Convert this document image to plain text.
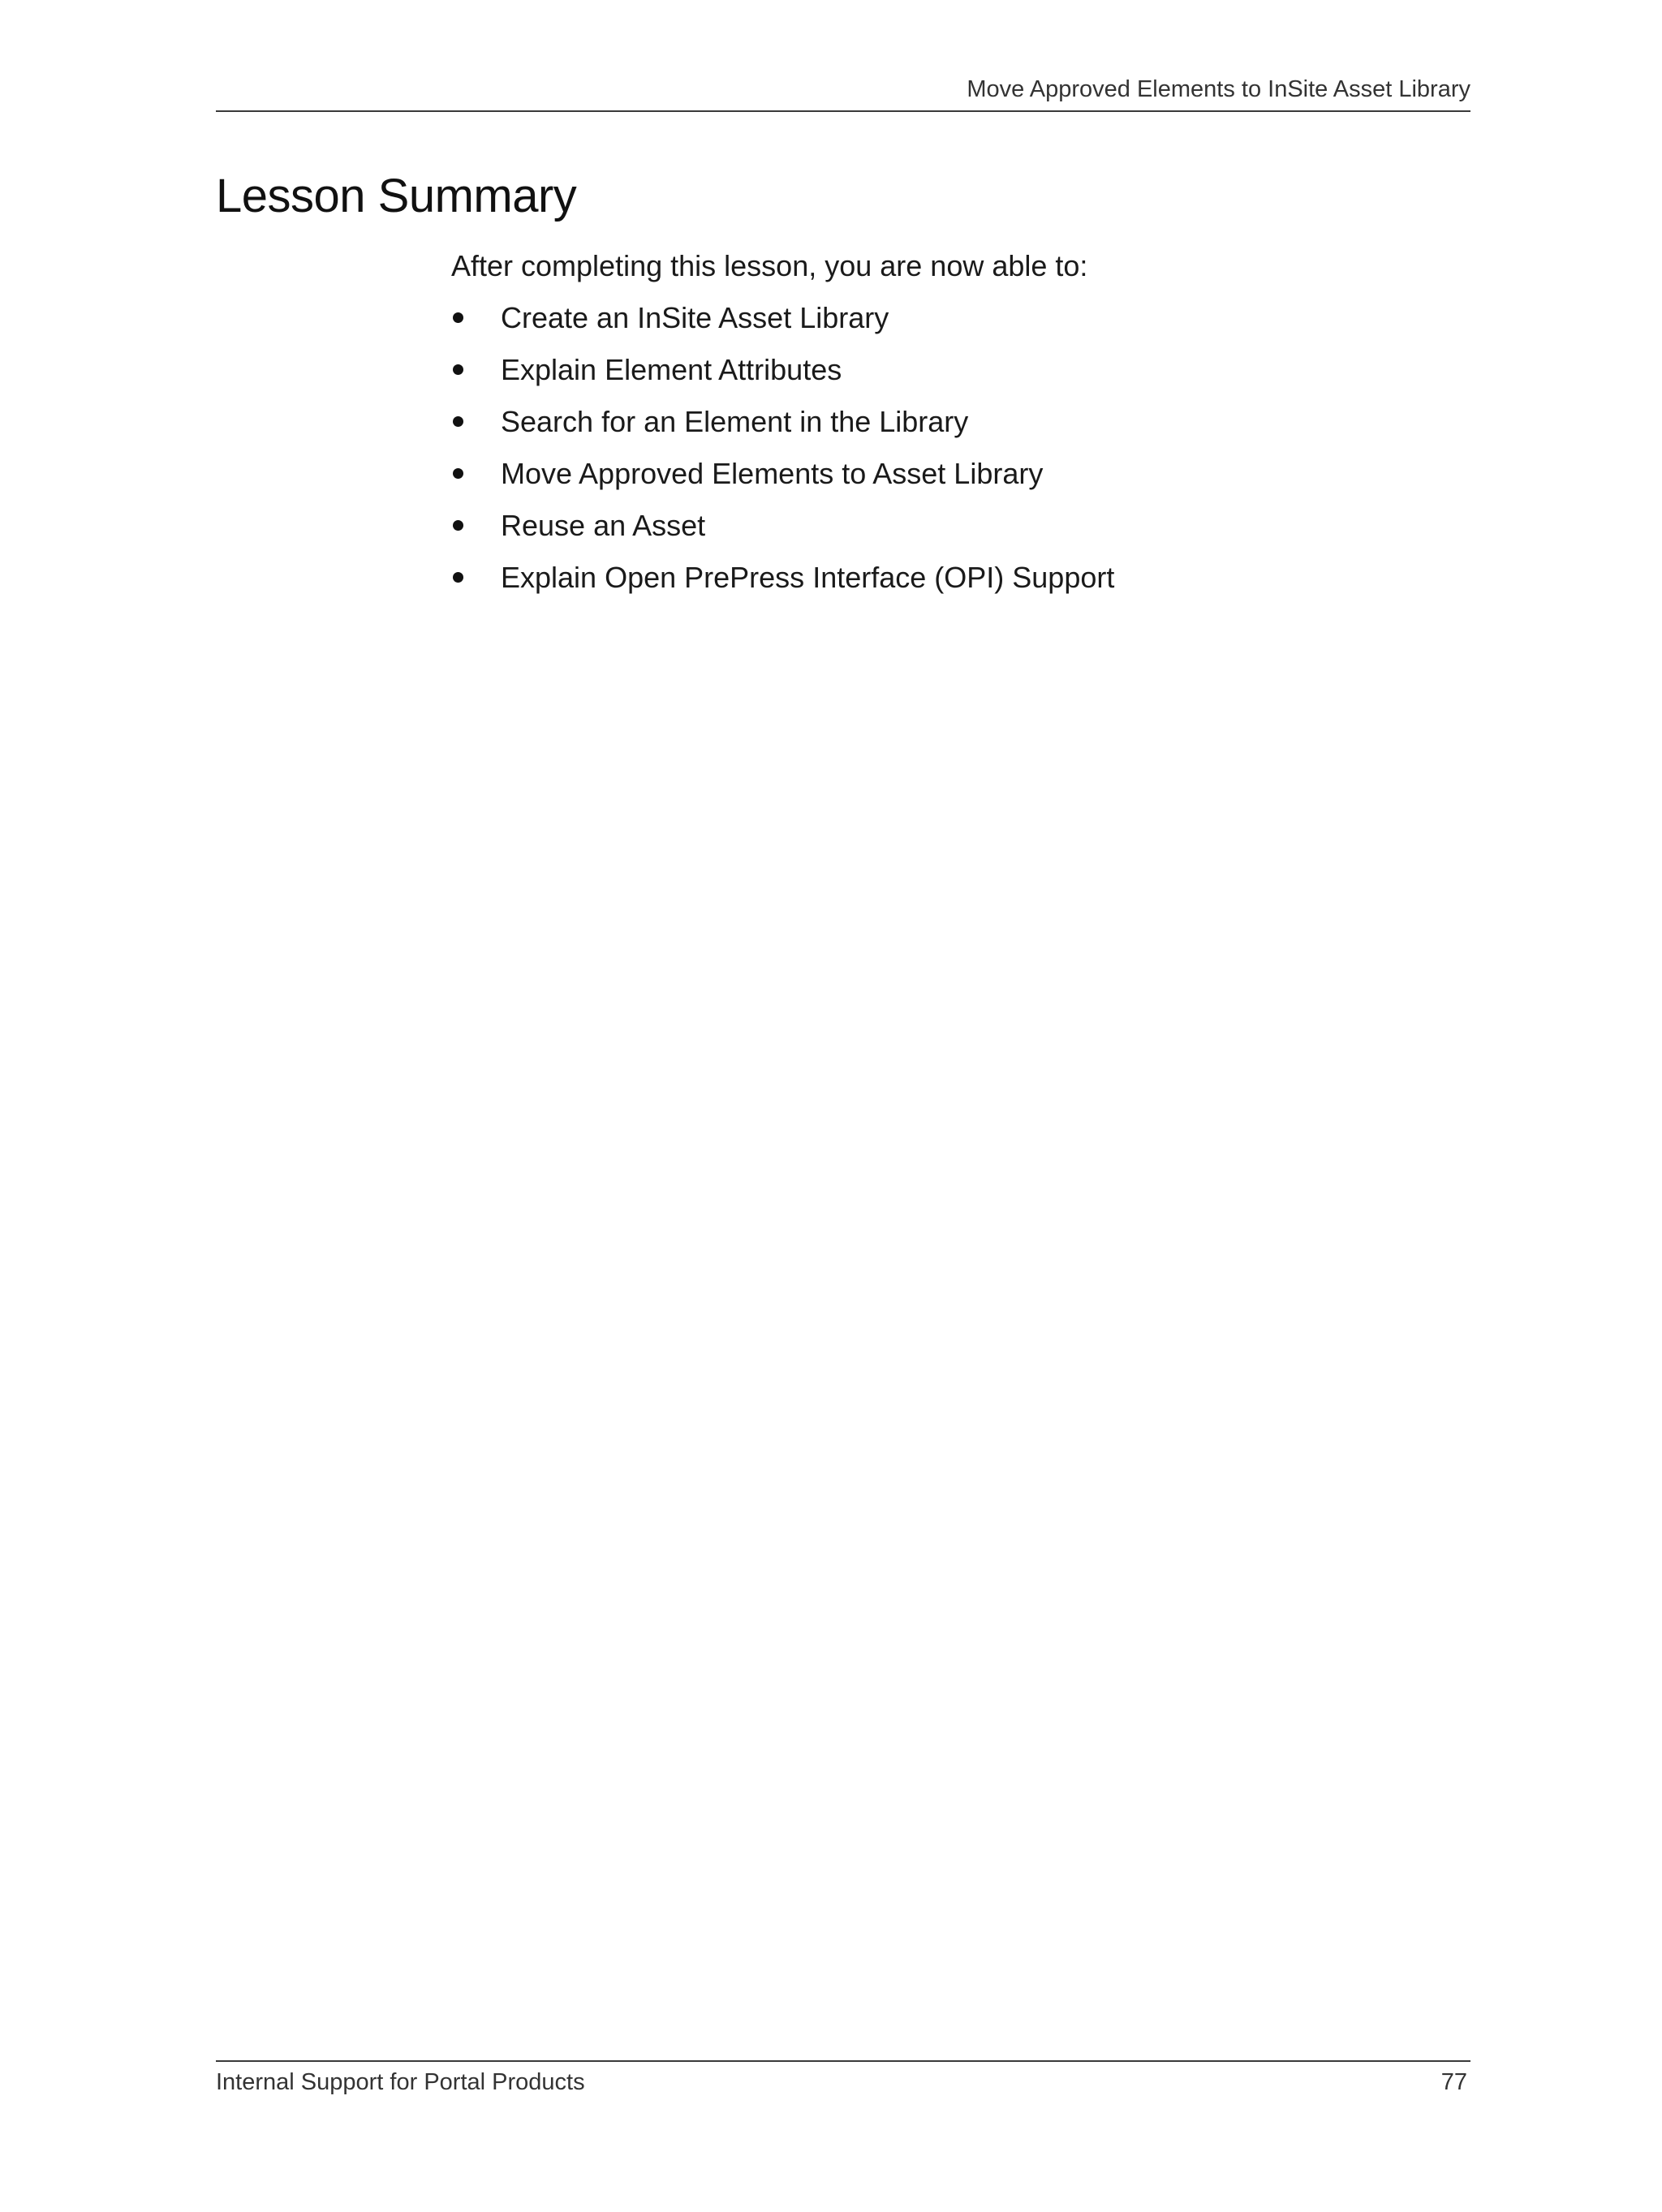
Move Approved Elements to InSite Asset Library
Lesson Summary

After completing this lesson, you are now able to:

Create an InSite Asset Library
Explain Element Attributes
Search for an Element in the Library
Move Approved Elements to Asset Library
Reuse an Asset
Explain Open PrePress Interface (OPI) Support
Internal Support for Portal Products	77
